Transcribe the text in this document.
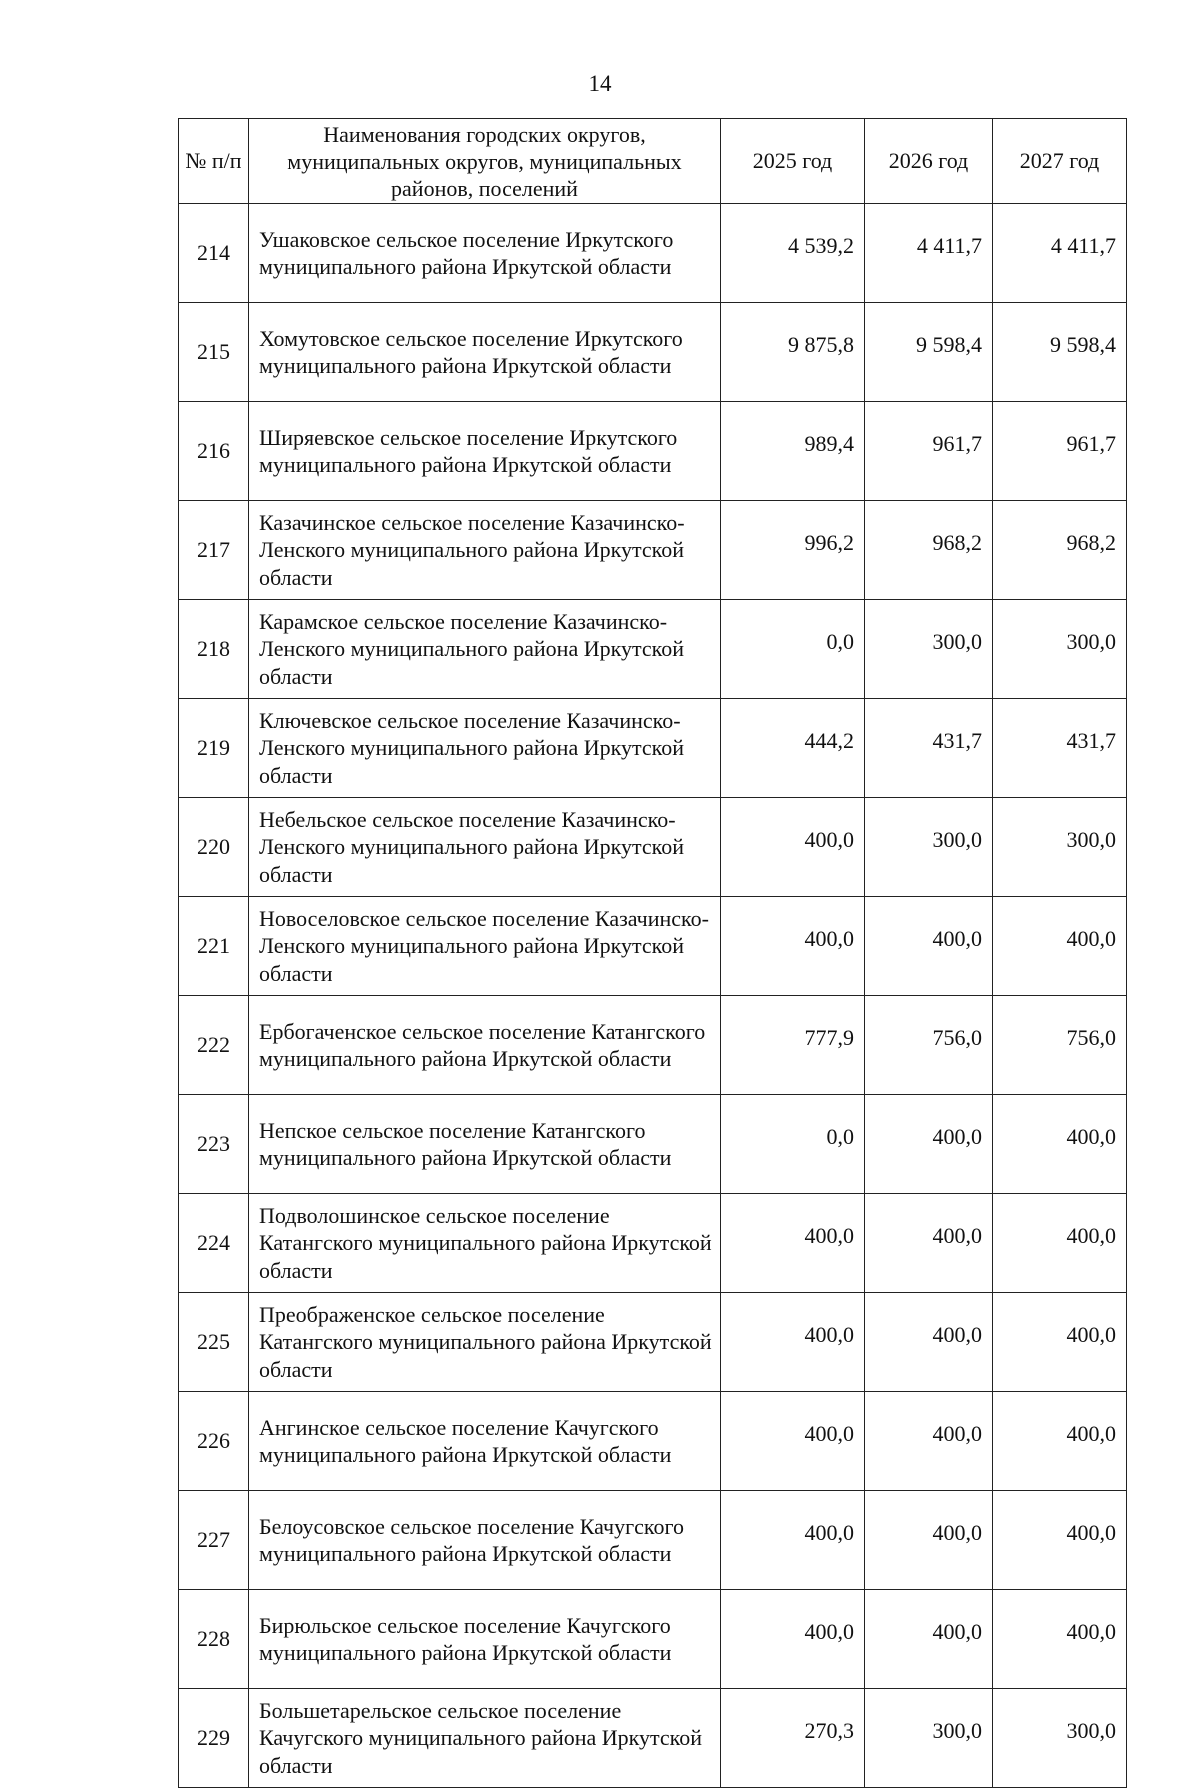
14
№ п/п	Наименования городских округов, муниципальных округов, муниципальных районов, поселений	2025 год	2026 год	2027 год
214	Ушаковское сельское поселение Иркутского муниципального района Иркутской области	4 539,2	4 411,7	4 411,7
215	Хомутовское сельское поселение Иркутского муниципального района Иркутской области	9 875,8	9 598,4	9 598,4
216	Ширяевское сельское поселение Иркутского муниципального района Иркутской области	989,4	961,7	961,7
217	Казачинское сельское поселение Казачинско-Ленского муниципального района Иркутской области	996,2	968,2	968,2
218	Карамское сельское поселение Казачинско-Ленского муниципального района Иркутской области	0,0	300,0	300,0
219	Ключевское сельское поселение Казачинско-Ленского муниципального района Иркутской области	444,2	431,7	431,7
220	Небельское сельское поселение Казачинско-Ленского муниципального района Иркутской области	400,0	300,0	300,0
221	Новоселовское сельское поселение Казачинско-Ленского муниципального района Иркутской области	400,0	400,0	400,0
222	Ербогаченское сельское поселение Катангского муниципального района Иркутской области	777,9	756,0	756,0
223	Непское сельское поселение Катангского муниципального района Иркутской области	0,0	400,0	400,0
224	Подволошинское сельское поселение Катангского муниципального района Иркутской области	400,0	400,0	400,0
225	Преображенское сельское поселение Катангского муниципального района Иркутской области	400,0	400,0	400,0
226	Ангинское сельское поселение Качугского муниципального района Иркутской области	400,0	400,0	400,0
227	Белоусовское сельское поселение Качугского муниципального района Иркутской области	400,0	400,0	400,0
228	Бирюльское сельское поселение Качугского муниципального района Иркутской области	400,0	400,0	400,0
229	Большетарельское сельское поселение Качугского муниципального района Иркутской области	270,3	300,0	300,0
